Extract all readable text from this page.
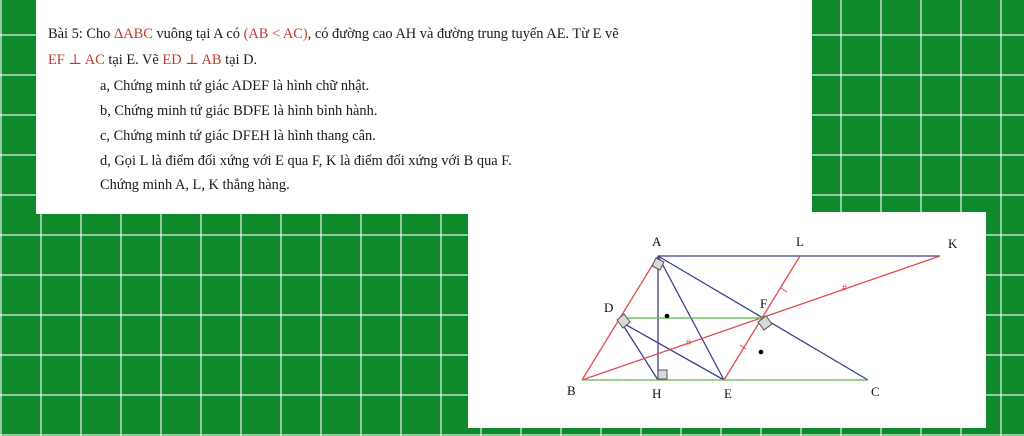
Bài 5: Cho ΔABC vuông tại A có (AB < AC), có đường cao AH và đường trung tuyến AE. Từ E vẽ
EF ⊥ AC tại E. Vẽ ED ⊥ AB tại D.
a, Chứng minh tứ giác ADEF là hình chữ nhật.
b, Chứng minh tứ giác BDFE là hình bình hành.
c, Chứng minh tứ giác DFEH là hình thang cân.
d, Gọi L là điểm đối xứng với E qua F, K là điểm đối xứng với B qua F.
Chứng minh A, L, K thẳng hàng.
#
#
A	L	K
D	F
B	H	E	C
